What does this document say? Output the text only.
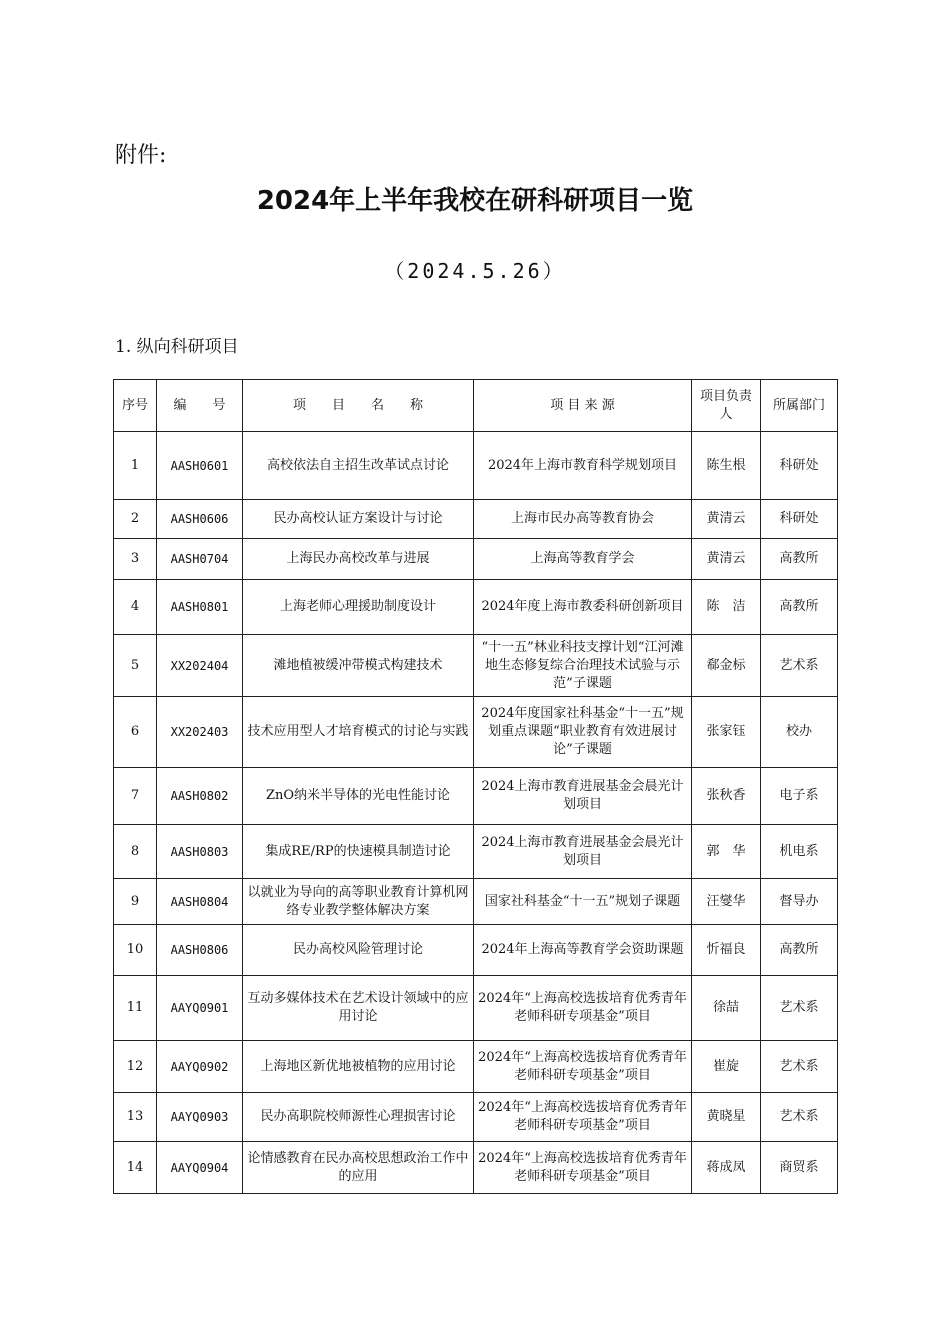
附件:
2024年上半年我校在研科研项目一览
（2024.5.26）
1. 纵向科研项目
序号	编　　号	项　　目　　名　　称	项 目 来 源	项目负责人	所属部门
1	AASH0601	高校依法自主招生改革试点讨论	2024年上海市教育科学规划项目	陈生根	科研处
2	AASH0606	民办高校认证方案设计与讨论	上海市民办高等教育协会	黄清云	科研处
3	AASH0704	上海民办高校改革与进展	上海高等教育学会	黄清云	高教所
4	AASH0801	上海老师心理援助制度设计	2024年度上海市教委科研创新项目	陈　洁	高教所
5	XX202404	滩地植被缓冲带模式构建技术	“十一五”林业科技支撑计划“江河滩地生态修复综合治理技术试验与示范”子课题	郗金标	艺术系
6	XX202403	技术应用型人才培育模式的讨论与实践	2024年度国家社科基金“十一五”规划重点课题“职业教育有效进展讨论”子课题	张家钰	校办
7	AASH0802	ZnO纳米半导体的光电性能讨论	2024上海市教育进展基金会晨光计划项目	张秋香	电子系
8	AASH0803	集成RE/RP的快速模具制造讨论	2024上海市教育进展基金会晨光计划项目	郭　华	机电系
9	AASH0804	以就业为导向的高等职业教育计算机网络专业教学整体解决方案	国家社科基金“十一五”规划子课题	汪燮华	督导办
10	AASH0806	民办高校风险管理讨论	2024年上海高等教育学会资助课题	忻福良	高教所
11	AAYQ0901	互动多媒体技术在艺术设计领域中的应用讨论	2024年“上海高校选拔培育优秀青年老师科研专项基金”项目	徐喆	艺术系
12	AAYQ0902	上海地区新优地被植物的应用讨论	2024年“上海高校选拔培育优秀青年老师科研专项基金”项目	崔旋	艺术系
13	AAYQ0903	民办高职院校师源性心理损害讨论	2024年“上海高校选拔培育优秀青年老师科研专项基金”项目	黄晓星	艺术系
14	AAYQ0904	论情感教育在民办高校思想政治工作中的应用	2024年“上海高校选拔培育优秀青年老师科研专项基金”项目	蒋成凤	商贸系
